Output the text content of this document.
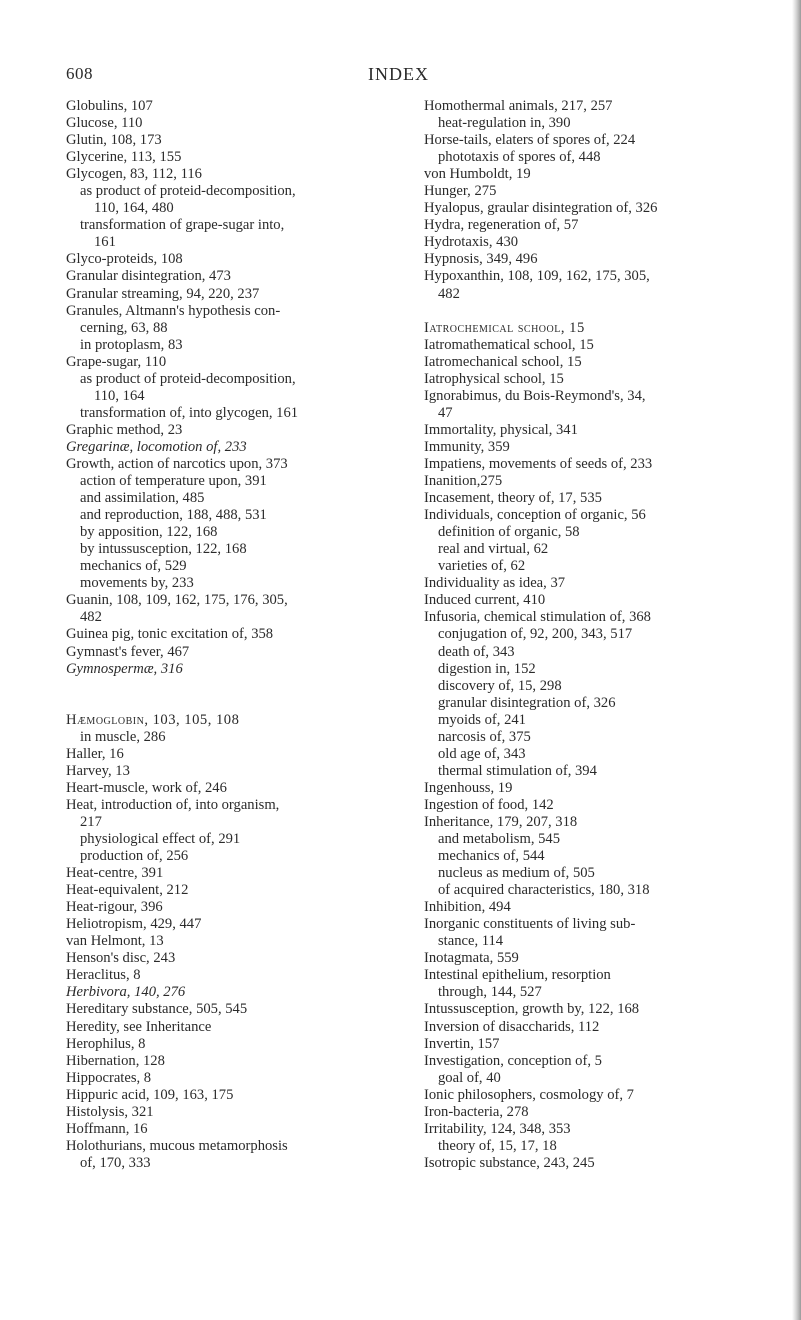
608	INDEX
Globulins, 107
Glucose, 110
Glutin, 108, 173
Glycerine, 113, 155
Glycogen, 83, 112, 116
as product of proteid-decomposition,
110, 164, 480
transformation of grape-sugar into,
161
Glyco-proteids, 108
Granular disintegration, 473
Granular streaming, 94, 220, 237
Granules, Altmann's hypothesis con-
cerning, 63, 88
in protoplasm, 83
Grape-sugar, 110
as product of proteid-decomposition,
110, 164
transformation of, into glycogen, 161
Graphic method, 23
Gregarinæ, locomotion of, 233
Growth, action of narcotics upon, 373
action of temperature upon, 391
and assimilation, 485
and reproduction, 188, 488, 531
by apposition, 122, 168
by intussusception, 122, 168
mechanics of, 529
movements by, 233
Guanin, 108, 109, 162, 175, 176, 305,
482
Guinea pig, tonic excitation of, 358
Gymnast's fever, 467
Gymnospermæ, 316
Hæmoglobin, 103, 105, 108
in muscle, 286
Haller, 16
Harvey, 13
Heart-muscle, work of, 246
Heat, introduction of, into organism,
217
physiological effect of, 291
production of, 256
Heat-centre, 391
Heat-equivalent, 212
Heat-rigour, 396
Heliotropism, 429, 447
van Helmont, 13
Henson's disc, 243
Heraclitus, 8
Herbivora, 140, 276
Hereditary substance, 505, 545
Heredity, see Inheritance
Herophilus, 8
Hibernation, 128
Hippocrates, 8
Hippuric acid, 109, 163, 175
Histolysis, 321
Hoffmann, 16
Holothurians, mucous metamorphosis
of, 170, 333
Homothermal animals, 217, 257
heat-regulation in, 390
Horse-tails, elaters of spores of, 224
phototaxis of spores of, 448
von Humboldt, 19
Hunger, 275
Hyalopus, graular disintegration of, 326
Hydra, regeneration of, 57
Hydrotaxis, 430
Hypnosis, 349, 496
Hypoxanthin, 108, 109, 162, 175, 305,
482
Iatrochemical school, 15
Iatromathematical school, 15
Iatromechanical school, 15
Iatrophysical school, 15
Ignorabimus, du Bois-Reymond's, 34,
47
Immortality, physical, 341
Immunity, 359
Impatiens, movements of seeds of, 233
Inanition,275
Incasement, theory of, 17, 535
Individuals, conception of organic, 56
definition of organic, 58
real and virtual, 62
varieties of, 62
Individuality as idea, 37
Induced current, 410
Infusoria, chemical stimulation of, 368
conjugation of, 92, 200, 343, 517
death of, 343
digestion in, 152
discovery of, 15, 298
granular disintegration of, 326
myoids of, 241
narcosis of, 375
old age of, 343
thermal stimulation of, 394
Ingenhouss, 19
Ingestion of food, 142
Inheritance, 179, 207, 318
and metabolism, 545
mechanics of, 544
nucleus as medium of, 505
of acquired characteristics, 180, 318
Inhibition, 494
Inorganic constituents of living sub-
stance, 114
Inotagmata, 559
Intestinal epithelium, resorption
through, 144, 527
Intussusception, growth by, 122, 168
Inversion of disaccharids, 112
Invertin, 157
Investigation, conception of, 5
goal of, 40
Ionic philosophers, cosmology of, 7
Iron-bacteria, 278
Irritability, 124, 348, 353
theory of, 15, 17, 18
Isotropic substance, 243, 245
